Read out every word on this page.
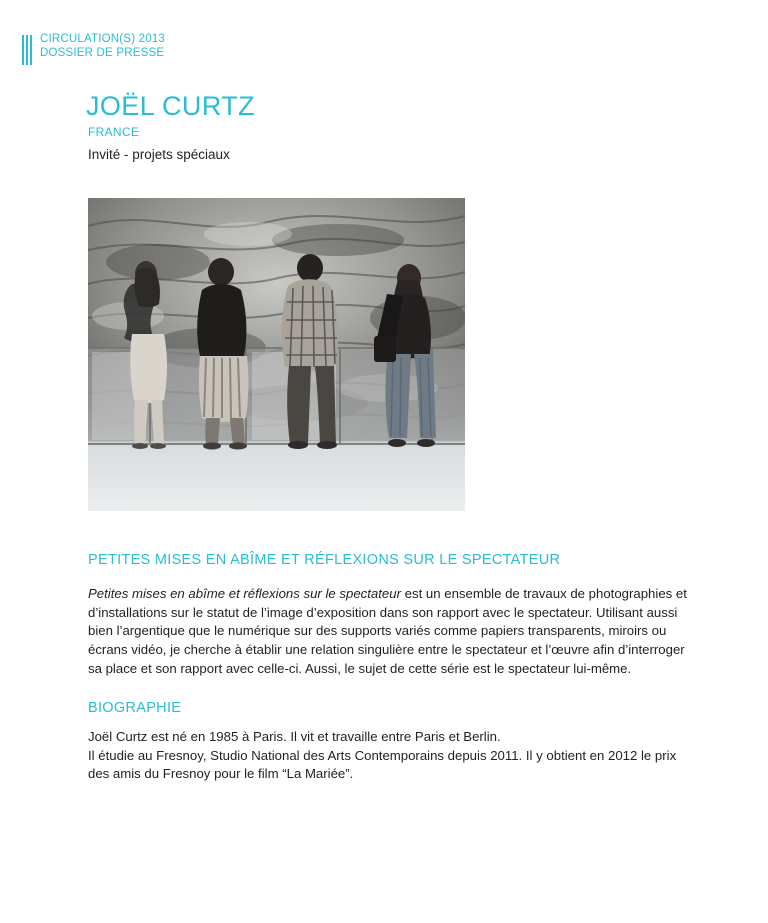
CIRCULATION(S) 2013
DOSSIER DE PRESSE
JOËL CURTZ
FRANCE
Invité - projets spéciaux
PETITES MISES EN ABÎME ET RÉFLEXIONS SUR LE SPECTATEUR

Petites mises en abîme et réflexions sur le spectateur est un ensemble de travaux de photographies et d’installations sur le statut de l’image d’exposition dans son rapport avec le spectateur. Utilisant aussi bien l’argentique que le numérique sur des supports variés comme papiers transparents, miroirs ou écrans vidéo, je cherche à établir une relation singulière entre le spectateur et l’œuvre afin d’interroger sa place et son rapport avec celle-ci. Aussi, le sujet de cette série est le spectateur lui-même.

BIOGRAPHIE

Joël Curtz est né en 1985 à Paris. Il vit et travaille entre Paris et Berlin.

Il étudie au Fresnoy, Studio National des Arts Contemporains depuis 2011. Il y obtient en 2012 le prix des amis du Fresnoy pour le film “La Mariée”.
